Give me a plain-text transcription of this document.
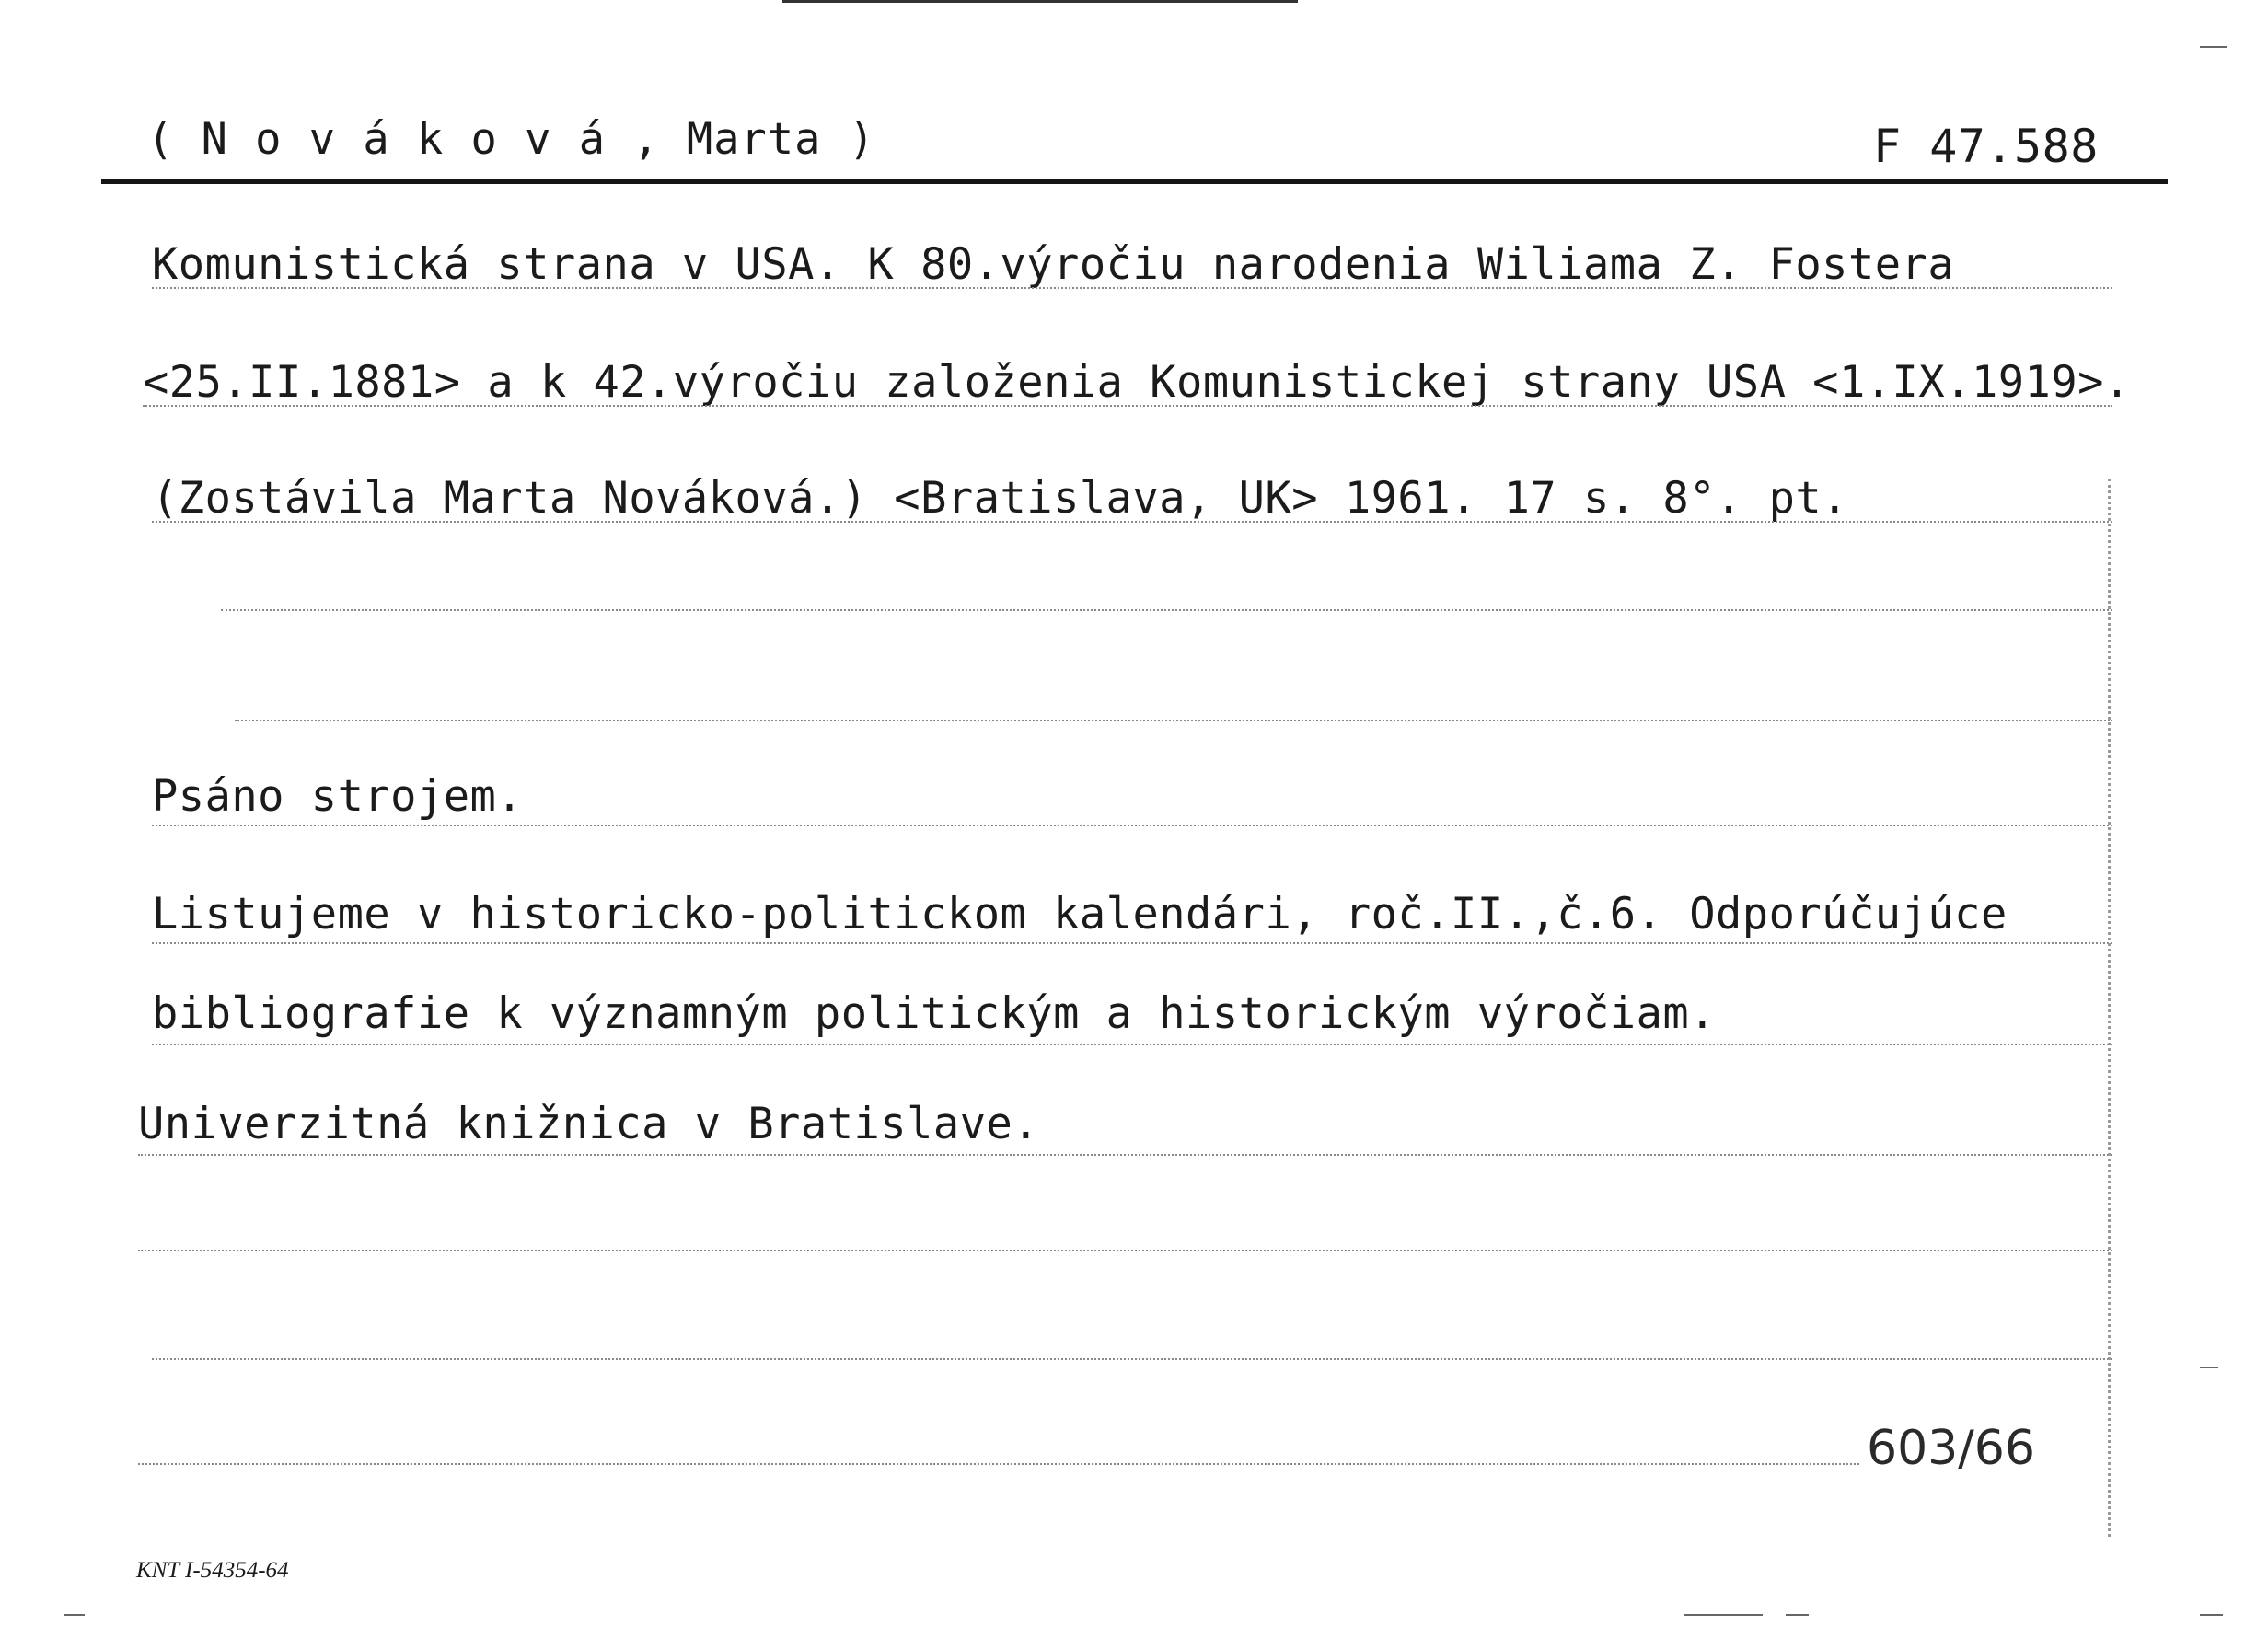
( N o v á k o v á , Marta )	F 47.588
Komunistická strana v USA. K 80.výročiu narodenia Wiliama Z. Fostera
<25.II.1881> a k 42.výročiu založenia Komunistickej strany USA <1.IX.1919>.
(Zostávila Marta Nováková.) <Bratislava, UK> 1961. 17 s. 8°. pt.
Psáno strojem.
Listujeme v historicko-politickom kalendári, roč.II.,č.6. Odporúčujúce
bibliografie k významným politickým a historickým výročiam.
Univerzitná knižnica v Bratislave.
603/66
KNT I-54354-64
